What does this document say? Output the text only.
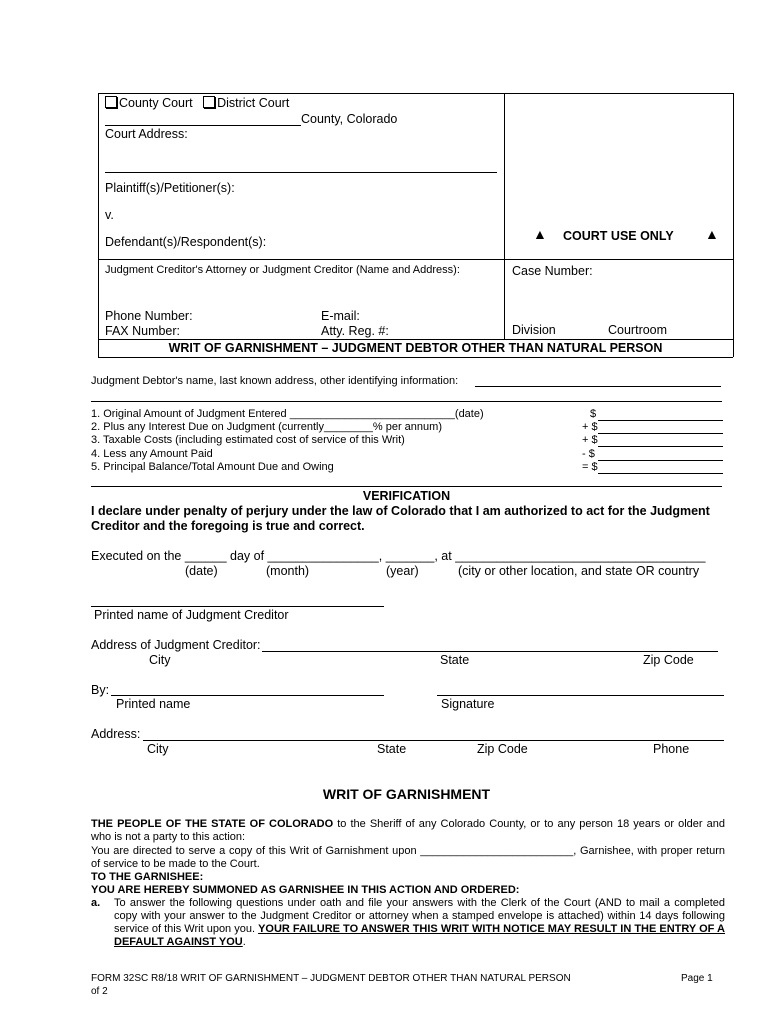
County Court District Court
County, Colorado
Court Address:
Plaintiff(s)/Petitioner(s):
v.
Defendant(s)/Respondent(s):	▲ COURT USE ONLY ▲
Judgment Creditor's Attorney or Judgment Creditor (Name and Address):
Phone Number:	E-mail:
FAX Number:	Atty. Reg. #:
Case Number:
Division	Courtroom
WRIT OF GARNISHMENT – JUDGMENT DEBTOR OTHER THAN NATURAL PERSON
Judgment Debtor's name, last known address, other identifying information:
1. Original Amount of Judgment Entered ___________________________(date)	$
2. Plus any Interest Due on Judgment (currently________% per annum)	+ $
3. Taxable Costs (including estimated cost of service of this Writ)	+ $
4. Less any Amount Paid	- $
5. Principal Balance/Total Amount Due and Owing	= $
VERIFICATION
I declare under penalty of perjury under the law of Colorado that I am authorized to act for the Judgment
Creditor and the foregoing is true and correct.
Executed on the ______ day of ________________, _______, at ____________________________________
(date)	(month)	(year)	(city or other location, and state OR country
Printed name of Judgment Creditor
Address of Judgment Creditor:
City	State	Zip Code
By:
Printed name	Signature
Address:
City	State	Zip Code	Phone
WRIT OF GARNISHMENT
THE PEOPLE OF THE STATE OF COLORADO to the Sheriff of any Colorado County, or to any person 18 years or older and who is not a party to this action:
You are directed to serve a copy of this Writ of Garnishment upon _________________________, Garnishee, with proper return of service to be made to the Court.
TO THE GARNISHEE:
YOU ARE HEREBY SUMMONED AS GARNISHEE IN THIS ACTION AND ORDERED:
a. To answer the following questions under oath and file your answers with the Clerk of the Court (AND to mail a completed copy with your answer to the Judgment Creditor or attorney when a stamped envelope is attached) within 14 days following service of this Writ upon you. YOUR FAILURE TO ANSWER THIS WRIT WITH NOTICE MAY RESULT IN THE ENTRY OF A DEFAULT AGAINST YOU.
FORM 32SC R8/18 WRIT OF GARNISHMENT – JUDGMENT DEBTOR OTHER THAN NATURAL PERSON	Page 1
of 2
